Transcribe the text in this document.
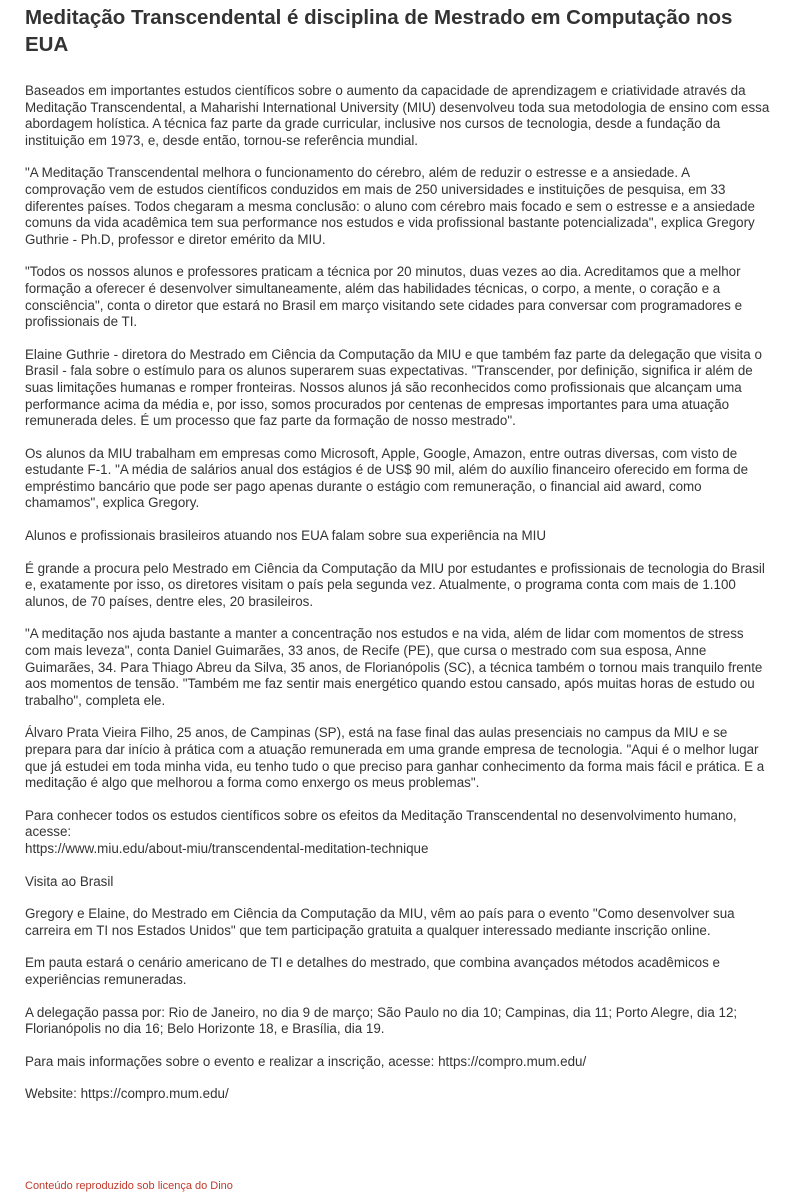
Meditação Transcendental é disciplina de Mestrado em Computação nos EUA

Baseados em importantes estudos científicos sobre o aumento da capacidade de aprendizagem e criatividade através da Meditação Transcendental, a Maharishi International University (MIU) desenvolveu toda sua metodologia de ensino com essa abordagem holística. A técnica faz parte da grade curricular, inclusive nos cursos de tecnologia, desde a fundação da instituição em 1973, e, desde então, tornou-se referência mundial.

"A Meditação Transcendental melhora o funcionamento do cérebro, além de reduzir o estresse e a ansiedade. A comprovação vem de estudos científicos conduzidos em mais de 250 universidades e instituições de pesquisa, em 33 diferentes países. Todos chegaram a mesma conclusão: o aluno com cérebro mais focado e sem o estresse e a ansiedade comuns da vida acadêmica tem sua performance nos estudos e vida profissional bastante potencializada", explica Gregory Guthrie - Ph.D, professor e diretor emérito da MIU.

"Todos os nossos alunos e professores praticam a técnica por 20 minutos, duas vezes ao dia. Acreditamos que a melhor formação a oferecer é desenvolver simultaneamente, além das habilidades técnicas, o corpo, a mente, o coração e a consciência", conta o diretor que estará no Brasil em março visitando sete cidades para conversar com programadores e profissionais de TI.

Elaine Guthrie - diretora do Mestrado em Ciência da Computação da MIU e que também faz parte da delegação que visita o Brasil - fala sobre o estímulo para os alunos superarem suas expectativas. "Transcender, por definição, significa ir além de suas limitações humanas e romper fronteiras. Nossos alunos já são reconhecidos como profissionais que alcançam uma performance acima da média e, por isso, somos procurados por centenas de empresas importantes para uma atuação remunerada deles. É um processo que faz parte da formação de nosso mestrado".

Os alunos da MIU trabalham em empresas como Microsoft, Apple, Google, Amazon, entre outras diversas, com visto de estudante F-1. "A média de salários anual dos estágios é de US$ 90 mil, além do auxílio financeiro oferecido em forma de empréstimo bancário que pode ser pago apenas durante o estágio com remuneração, o financial aid award, como chamamos", explica Gregory.

Alunos e profissionais brasileiros atuando nos EUA falam sobre sua experiência na MIU

É grande a procura pelo Mestrado em Ciência da Computação da MIU por estudantes e profissionais de tecnologia do Brasil e, exatamente por isso, os diretores visitam o país pela segunda vez. Atualmente, o programa conta com mais de 1.100 alunos, de 70 países, dentre eles, 20 brasileiros.

"A meditação nos ajuda bastante a manter a concentração nos estudos e na vida, além de lidar com momentos de stress com mais leveza", conta Daniel Guimarães, 33 anos, de Recife (PE), que cursa o mestrado com sua esposa, Anne Guimarães, 34. Para Thiago Abreu da Silva, 35 anos, de Florianópolis (SC), a técnica também o tornou mais tranquilo frente aos momentos de tensão. "Também me faz sentir mais energético quando estou cansado, após muitas horas de estudo ou trabalho", completa ele.

Álvaro Prata Vieira Filho, 25 anos, de Campinas (SP), está na fase final das aulas presenciais no campus da MIU e se prepara para dar início à prática com a atuação remunerada em uma grande empresa de tecnologia. "Aqui é o melhor lugar que já estudei em toda minha vida, eu tenho tudo o que preciso para ganhar conhecimento da forma mais fácil e prática. E a meditação é algo que melhorou a forma como enxergo os meus problemas".

Para conhecer todos os estudos científicos sobre os efeitos da Meditação Transcendental no desenvolvimento humano, acesse:
https://www.miu.edu/about-miu/transcendental-meditation-technique

Visita ao Brasil

Gregory e Elaine, do Mestrado em Ciência da Computação da MIU, vêm ao país para o evento "Como desenvolver sua carreira em TI nos Estados Unidos" que tem participação gratuita a qualquer interessado mediante inscrição online.

Em pauta estará o cenário americano de TI e detalhes do mestrado, que combina avançados métodos acadêmicos e experiências remuneradas.

A delegação passa por: Rio de Janeiro, no dia 9 de março; São Paulo no dia 10; Campinas, dia 11; Porto Alegre, dia 12; Florianópolis no dia 16; Belo Horizonte 18, e Brasília, dia 19.

Para mais informações sobre o evento e realizar a inscrição, acesse: https://compro.mum.edu/

Website: https://compro.mum.edu/

Conteúdo reproduzido sob licença do Dino
